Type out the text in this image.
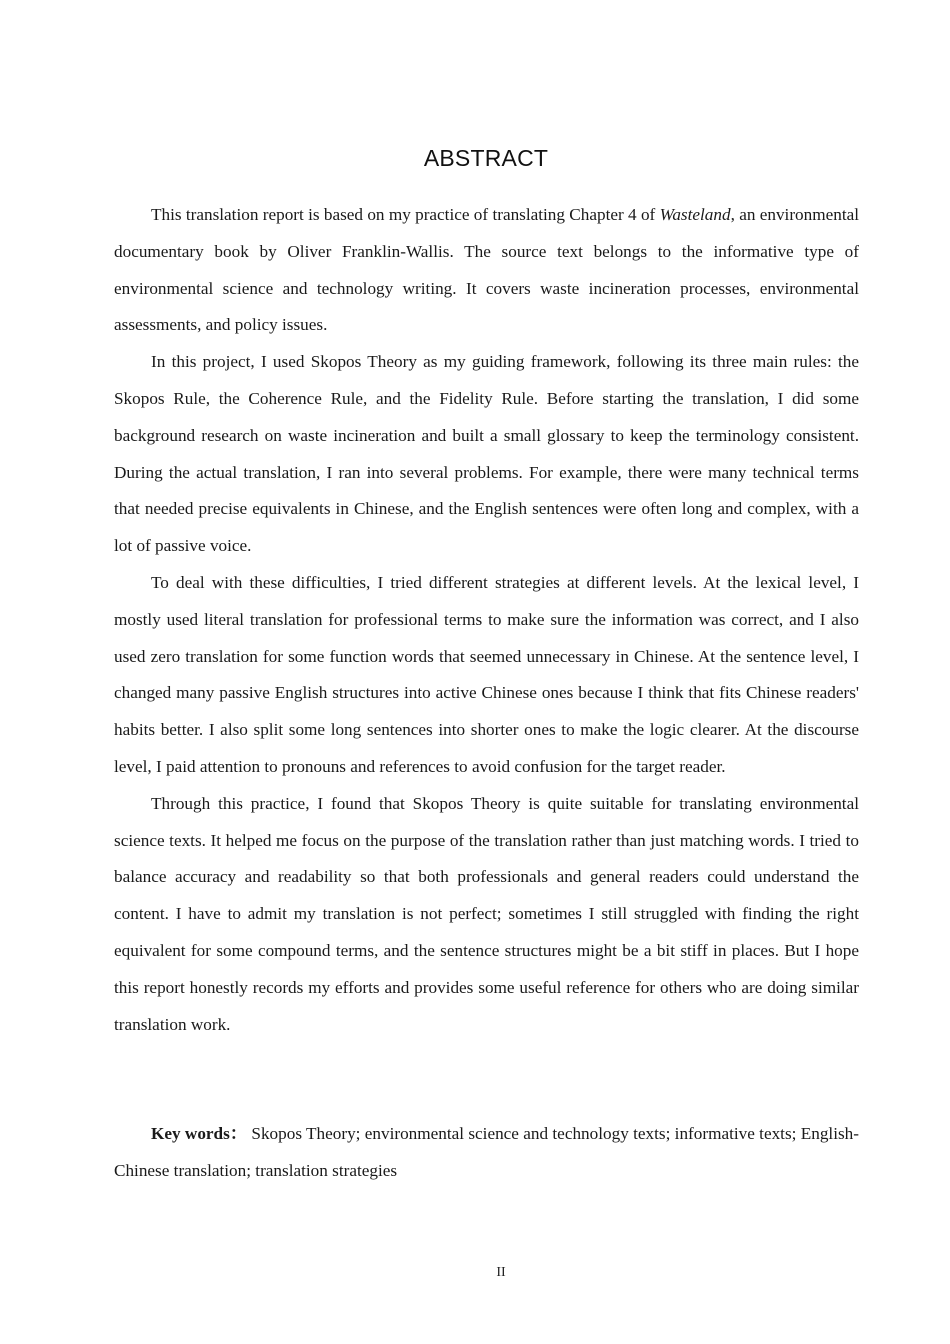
ABSTRACT

This translation report is based on my practice of translating Chapter 4 of Wasteland, an environmental documentary book by Oliver Franklin-Wallis. The source text belongs to the informative type of environmental science and technology writing. It covers waste incineration processes, environmental assessments, and policy issues.

In this project, I used Skopos Theory as my guiding framework, following its three main rules: the Skopos Rule, the Coherence Rule, and the Fidelity Rule. Before starting the translation, I did some background research on waste incineration and built a small glossary to keep the terminology consistent. During the actual translation, I ran into several problems. For example, there were many technical terms that needed precise equivalents in Chinese, and the English sentences were often long and complex, with a lot of passive voice.

To deal with these difficulties, I tried different strategies at different levels. At the lexical level, I mostly used literal translation for professional terms to make sure the information was correct, and I also used zero translation for some function words that seemed unnecessary in Chinese. At the sentence level, I changed many passive English structures into active Chinese ones because I think that fits Chinese readers' habits better. I also split some long sentences into shorter ones to make the logic clearer. At the discourse level, I paid attention to pronouns and references to avoid confusion for the target reader.

Through this practice, I found that Skopos Theory is quite suitable for translating environmental science texts. It helped me focus on the purpose of the translation rather than just matching words. I tried to balance accuracy and readability so that both professionals and general readers could understand the content. I have to admit my translation is not perfect; sometimes I still struggled with finding the right equivalent for some compound terms, and the sentence structures might be a bit stiff in places. But I hope this report honestly records my efforts and provides some useful reference for others who are doing similar translation work.

Key words： Skopos Theory; environmental science and technology texts; informative texts; English-Chinese translation; translation strategies

II
